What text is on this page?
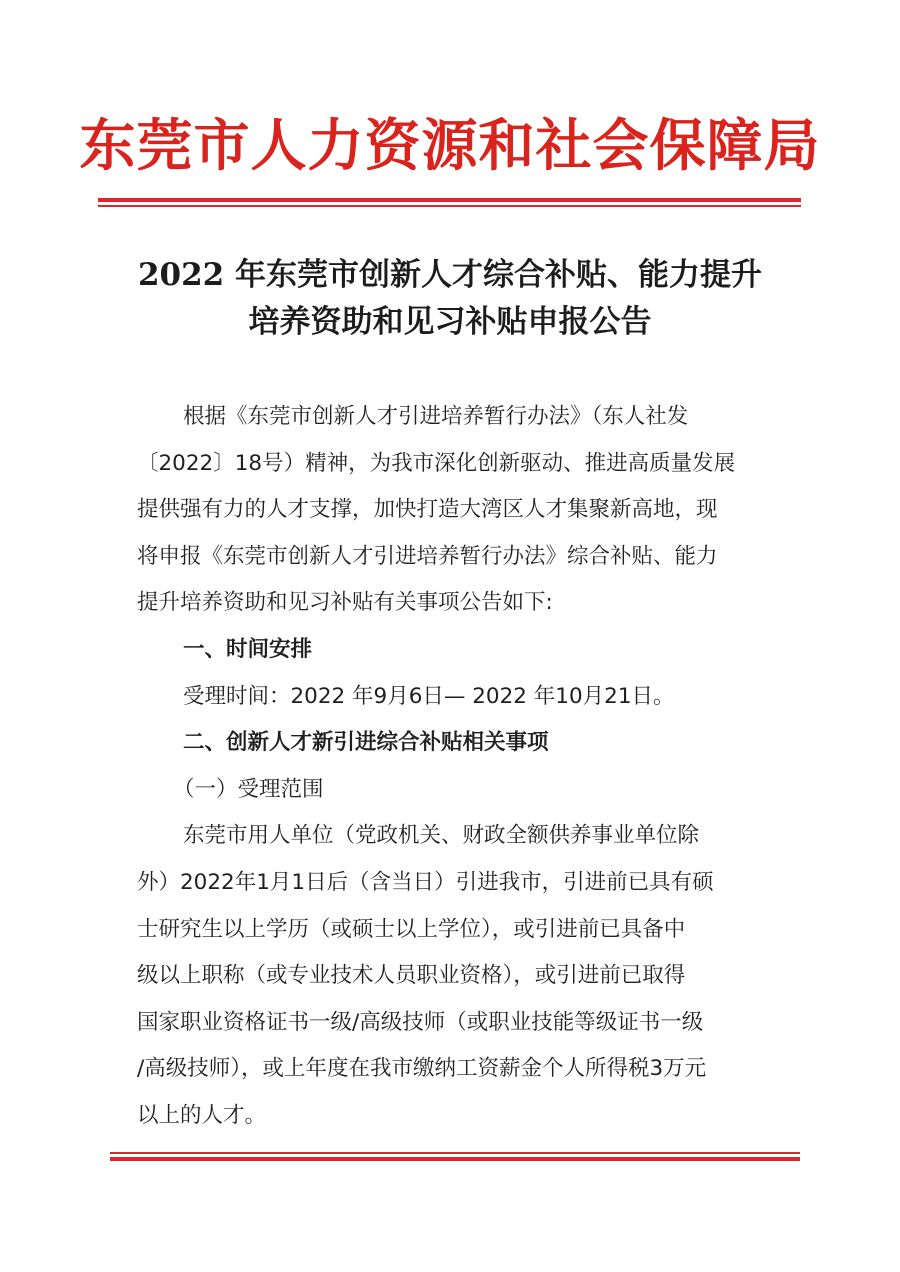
东莞市人力资源和社会保障局
2022 年东莞市创新人才综合补贴、能力提升
培养资助和见习补贴申报公告
根据《东莞市创新人才引进培养暂行办法》（东人社发
〔2022〕18号）精神，为我市深化创新驱动、推进高质量发展
提供强有力的人才支撑，加快打造大湾区人才集聚新高地，现
将申报《东莞市创新人才引进培养暂行办法》综合补贴、能力
提升培养资助和见习补贴有关事项公告如下:
一、时间安排
受理时间：2022 年9月6日— 2022 年10月21日。
二、创新人才新引进综合补贴相关事项
（一）受理范围
东莞市用人单位（党政机关、财政全额供养事业单位除
外）2022年1月1日后（含当日）引进我市，引进前已具有硕
士研究生以上学历（或硕士以上学位），或引进前已具备中
级以上职称（或专业技术人员职业资格），或引进前已取得
国家职业资格证书一级/高级技师（或职业技能等级证书一级
/高级技师），或上年度在我市缴纳工资薪金个人所得税3万元
以上的人才。
